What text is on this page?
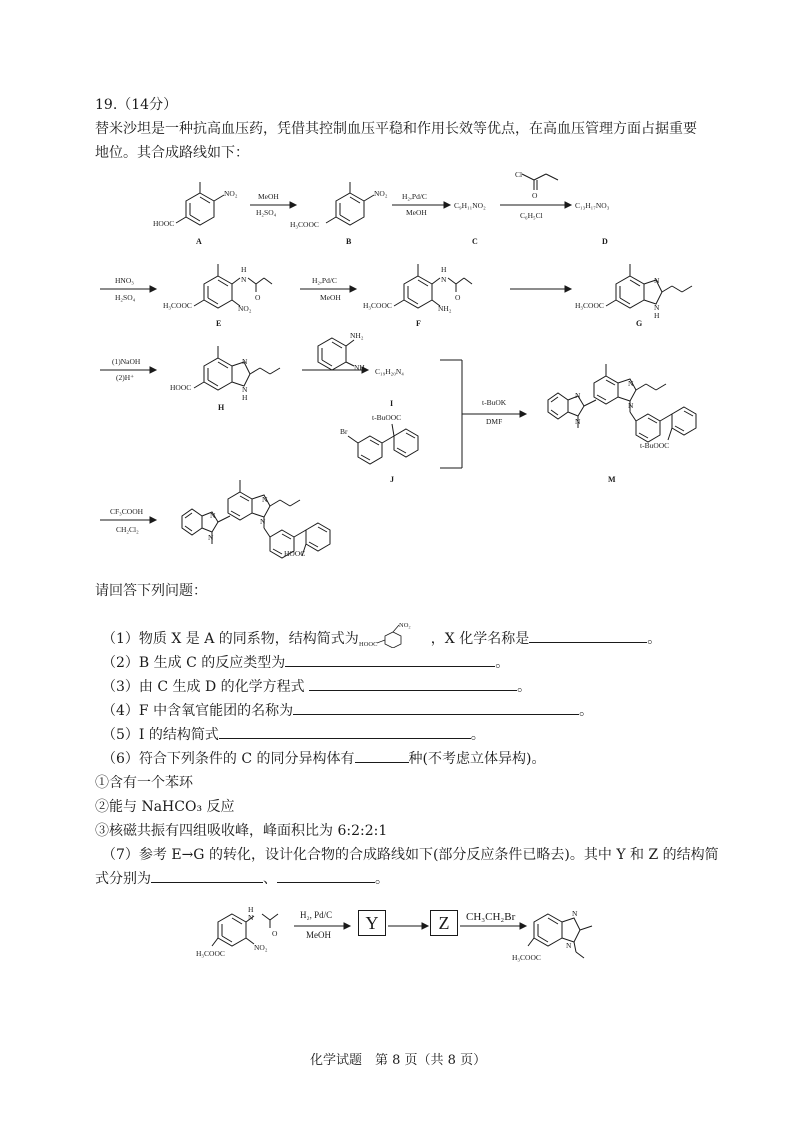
19.（14分）
替米沙坦是一种抗高血压药，凭借其控制血压平稳和作用长效等优点，在高血压管理方面占据重要
地位。其合成路线如下：
HOOC
NO₂
A
MeOH
H₂SO₄
H₃COOC
NO₂
B
H₂,Pd/C
MeOH
C₉H₁₁NO₂
C
Cl
O
C₆H₅Cl
C₁₃H₁₇NO₃
D
HNO₃
H₂SO₄
H₃COOC
H
N
O
NO₂
E
H₂,Pd/C
MeOH
H₃COOC
H
N
O
NH₂
F
H₃COOC
N
N
H
G
(1)NaOH
(2)H⁺
HOOC
N
N
H
H
NH₂
NH C₁₉H₂₀N₄
I
Br
t-BuOOC
J
t-BuOK
DMF
N
N
N
N
t-BuOOC
M
CF₃COOH
CH₂Cl₂
N
N
N
N
HOOC
请回答下列问题：
（1）物质 X 是 A 的同系物，结构简式为 HOOC
NO₂
，X 化学名称是	。
（2）B 生成 C 的反应类型为	。
（3）由 C 生成 D 的化学方程式	。
（4）F 中含氧官能团的名称为	。
（5）I 的结构简式	。
（6）符合下列条件的 C 的同分异构体有	种(不考虑立体异构)。
①含有一个苯环
②能与 NaHCO₃ 反应
③核磁共振有四组吸收峰，峰面积比为 6:2:2:1
（7）参考 E→G 的转化，设计化合物的合成路线如下(部分反应条件已略去)。其中 Y 和 Z 的结构简
式分别为	、	。
H
N
O
NO₂
H₃COOC
N
N
H₃COOC
H₂, Pd/C
MeOH
CH₃CH₂Br
Y	Z
化学试题　第 8 页（共 8 页）
